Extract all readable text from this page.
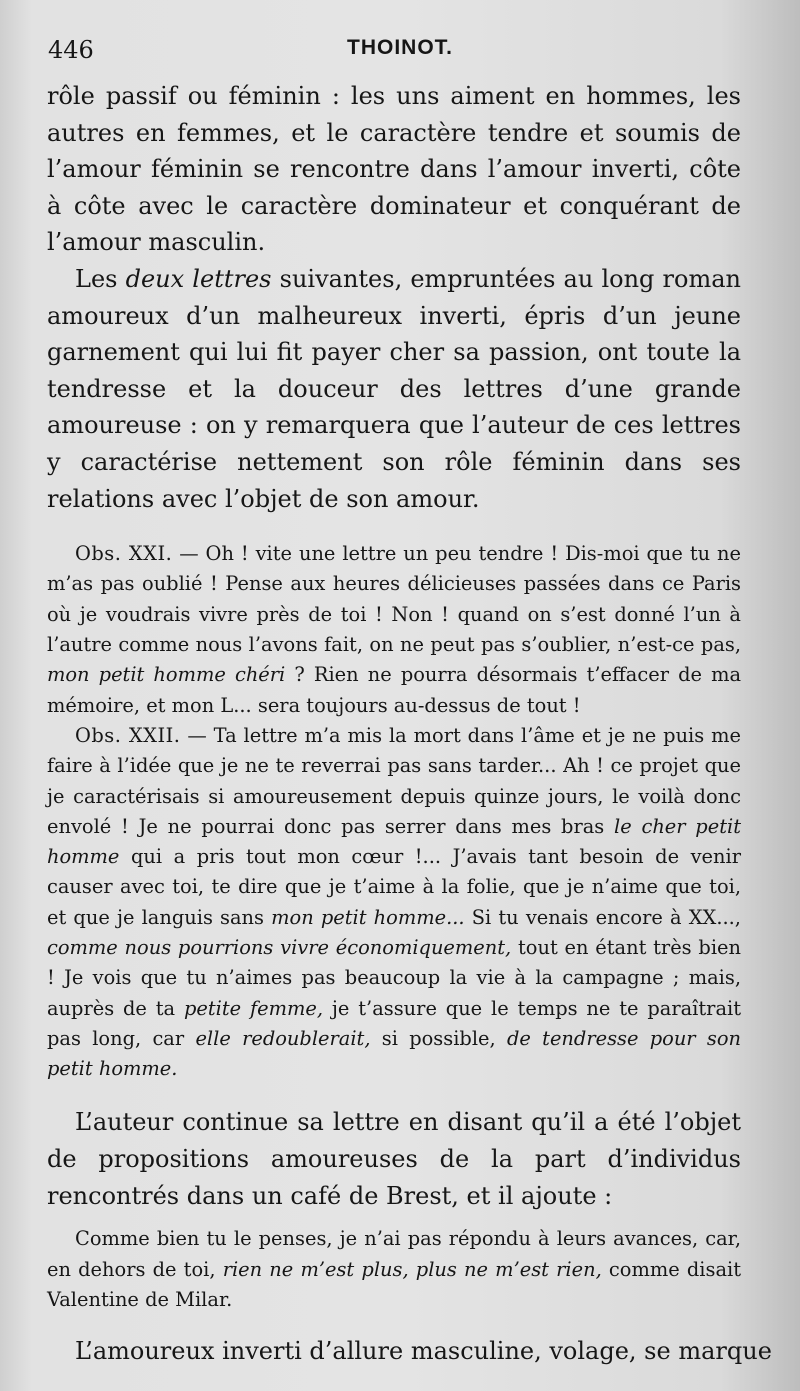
446	THOINOT.

rôle passif ou féminin : les uns aiment en hommes, les autres en femmes, et le caractère tendre et soumis de l’amour féminin se rencontre dans l’amour inverti, côte à côte avec le caractère dominateur et conquérant de l’amour masculin.

Les deux lettres suivantes, empruntées au long roman amoureux d’un malheureux inverti, épris d’un jeune garnement qui lui fit payer cher sa passion, ont toute la tendresse et la douceur des lettres d’une grande amoureuse : on y remarquera que l’auteur de ces lettres y caractérise nettement son rôle féminin dans ses relations avec l’objet de son amour.

Obs. XXI. — Oh ! vite une lettre un peu tendre ! Dis-moi que tu ne m’as pas oublié ! Pense aux heures délicieuses passées dans ce Paris où je voudrais vivre près de toi ! Non ! quand on s’est donné l’un à l’autre comme nous l’avons fait, on ne peut pas s’oublier, n’est-ce pas, mon petit homme chéri ? Rien ne pourra désormais t’effacer de ma mémoire, et mon L... sera toujours au-dessus de tout !

Obs. XXII. — Ta lettre m’a mis la mort dans l’âme et je ne puis me faire à l’idée que je ne te reverrai pas sans tarder... Ah ! ce projet que je caractérisais si amoureusement depuis quinze jours, le voilà donc envolé ! Je ne pourrai donc pas serrer dans mes bras le cher petit homme qui a pris tout mon cœur !... J’avais tant besoin de venir causer avec toi, te dire que je t’aime à la folie, que je n’aime que toi, et que je languis sans mon petit homme... Si tu venais encore à XX..., comme nous pourrions vivre économiquement, tout en étant très bien ! Je vois que tu n’aimes pas beaucoup la vie à la campagne ; mais, auprès de ta petite femme, je t’assure que le temps ne te paraîtrait pas long, car elle redoublerait, si possible, de tendresse pour son petit homme.

L’auteur continue sa lettre en disant qu’il a été l’objet de propositions amoureuses de la part d’individus rencontrés dans un café de Brest, et il ajoute :

Comme bien tu le penses, je n’ai pas répondu à leurs avances, car, en dehors de toi, rien ne m’est plus, plus ne m’est rien, comme disait Valentine de Milar.

L’amoureux inverti d’allure masculine, volage, se marque
